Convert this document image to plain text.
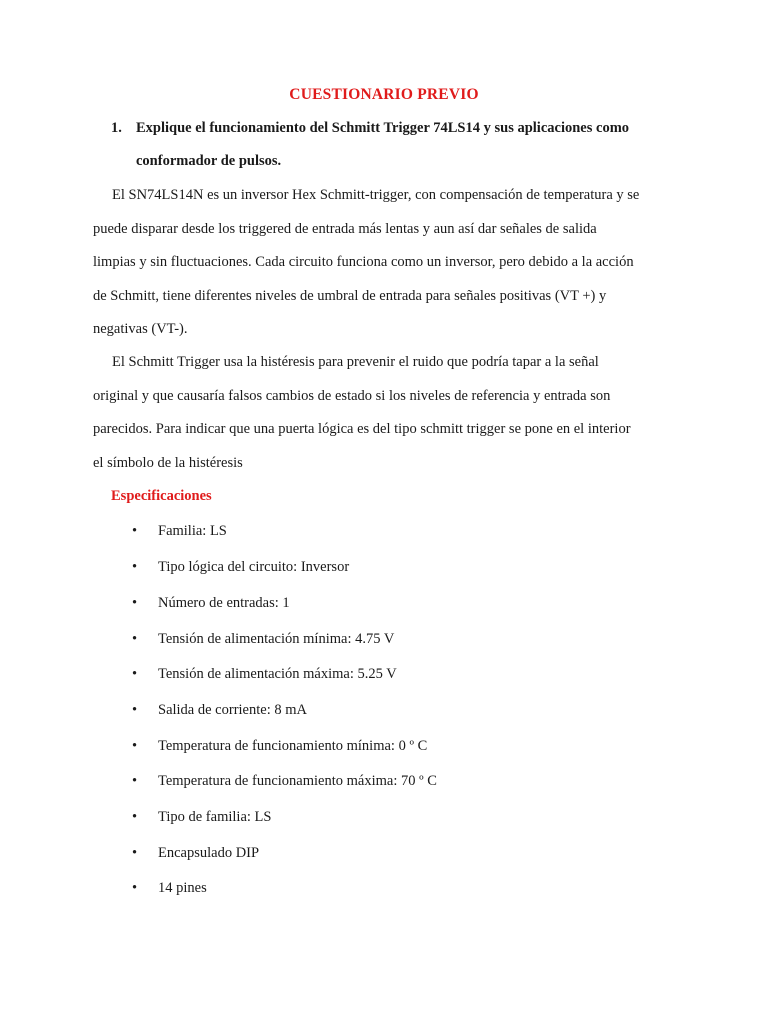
CUESTIONARIO PREVIO
1. Explique el funcionamiento del Schmitt Trigger 74LS14 y sus aplicaciones como
conformador de pulsos.
El SN74LS14N es un inversor Hex Schmitt-trigger, con compensación de temperatura y se
puede disparar desde los triggered de entrada más lentas y aun así dar señales de salida
limpias y sin fluctuaciones. Cada circuito funciona como un inversor, pero debido a la acción
de Schmitt, tiene diferentes niveles de umbral de entrada para señales positivas (VT +) y
negativas (VT-).
El Schmitt Trigger usa la histéresis para prevenir el ruido que podría tapar a la señal
original y que causaría falsos cambios de estado si los niveles de referencia y entrada son
parecidos. Para indicar que una puerta lógica es del tipo schmitt trigger se pone en el interior
el símbolo de la histéresis
Especificaciones
• Familia: LS
• Tipo lógica del circuito: Inversor
• Número de entradas: 1
• Tensión de alimentación mínima: 4.75 V
• Tensión de alimentación máxima: 5.25 V
• Salida de corriente: 8 mA
• Temperatura de funcionamiento mínima: 0 º C
• Temperatura de funcionamiento máxima: 70 º C
• Tipo de familia: LS
• Encapsulado DIP
• 14 pines
